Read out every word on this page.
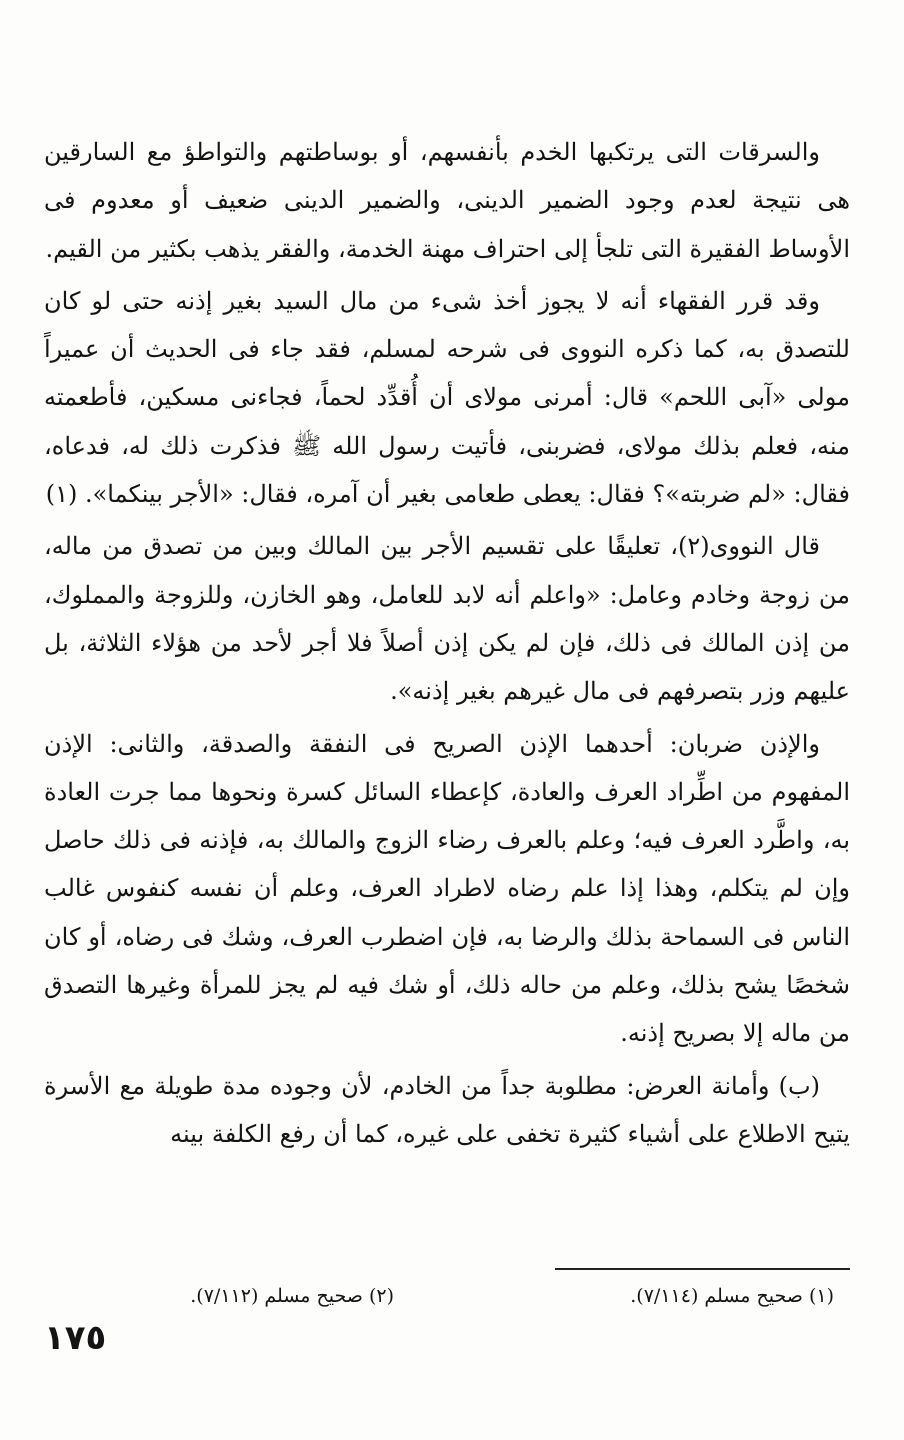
والسرقات التى يرتكبها الخدم بأنفسهم، أو بوساطتهم والتواطؤ مع السارقين هى نتيجة لعدم وجود الضمير الدينى، والضمير الدينى ضعيف أو معدوم فى الأوساط الفقيرة التى تلجأ إلى احتراف مهنة الخدمة، والفقر يذهب بكثير من القيم.

وقد قرر الفقهاء أنه لا يجوز أخذ شىء من مال السيد بغير إذنه حتى لو كان للتصدق به، كما ذكره النووى فى شرحه لمسلم، فقد جاء فى الحديث أن عميراً مولى «آبى اللحم» قال: أمرنى مولاى أن أُقدِّد لحماً، فجاءنى مسكين، فأطعمته منه، فعلم بذلك مولاى، فضربنى، فأتيت رسول الله ﷺ فذكرت ذلك له، فدعاه، فقال: «لم ضربته»؟ فقال: يعطى طعامى بغير أن آمره، فقال: «الأجر بينكما». (١)

قال النووى(٢)، تعليقًا على تقسيم الأجر بين المالك وبين من تصدق من ماله، من زوجة وخادم وعامل: «واعلم أنه لابد للعامل، وهو الخازن، وللزوجة والمملوك، من إذن المالك فى ذلك، فإن لم يكن إذن أصلاً فلا أجر لأحد من هؤلاء الثلاثة، بل عليهم وزر بتصرفهم فى مال غيرهم بغير إذنه».

والإذن ضربان: أحدهما الإذن الصريح فى النفقة والصدقة، والثانى: الإذن المفهوم من اطِّراد العرف والعادة، كإعطاء السائل كسرة ونحوها مما جرت العادة به، واطَّرد العرف فيه؛ وعلم بالعرف رضاء الزوج والمالك به، فإذنه فى ذلك حاصل وإن لم يتكلم، وهذا إذا علم رضاه لاطراد العرف، وعلم أن نفسه كنفوس غالب الناس فى السماحة بذلك والرضا به، فإن اضطرب العرف، وشك فى رضاه، أو كان شخصًا يشح بذلك، وعلم من حاله ذلك، أو شك فيه لم يجز للمرأة وغيرها التصدق من ماله إلا بصريح إذنه.

(ب) وأمانة العرض: مطلوبة جداً من الخادم، لأن وجوده مدة طويلة مع الأسرة يتيح الاطلاع على أشياء كثيرة تخفى على غيره، كما أن رفع الكلفة بينه

(١) صحيح مسلم (٧/١١٤).
(٢) صحيح مسلم (٧/١١٢).
١٧٥
